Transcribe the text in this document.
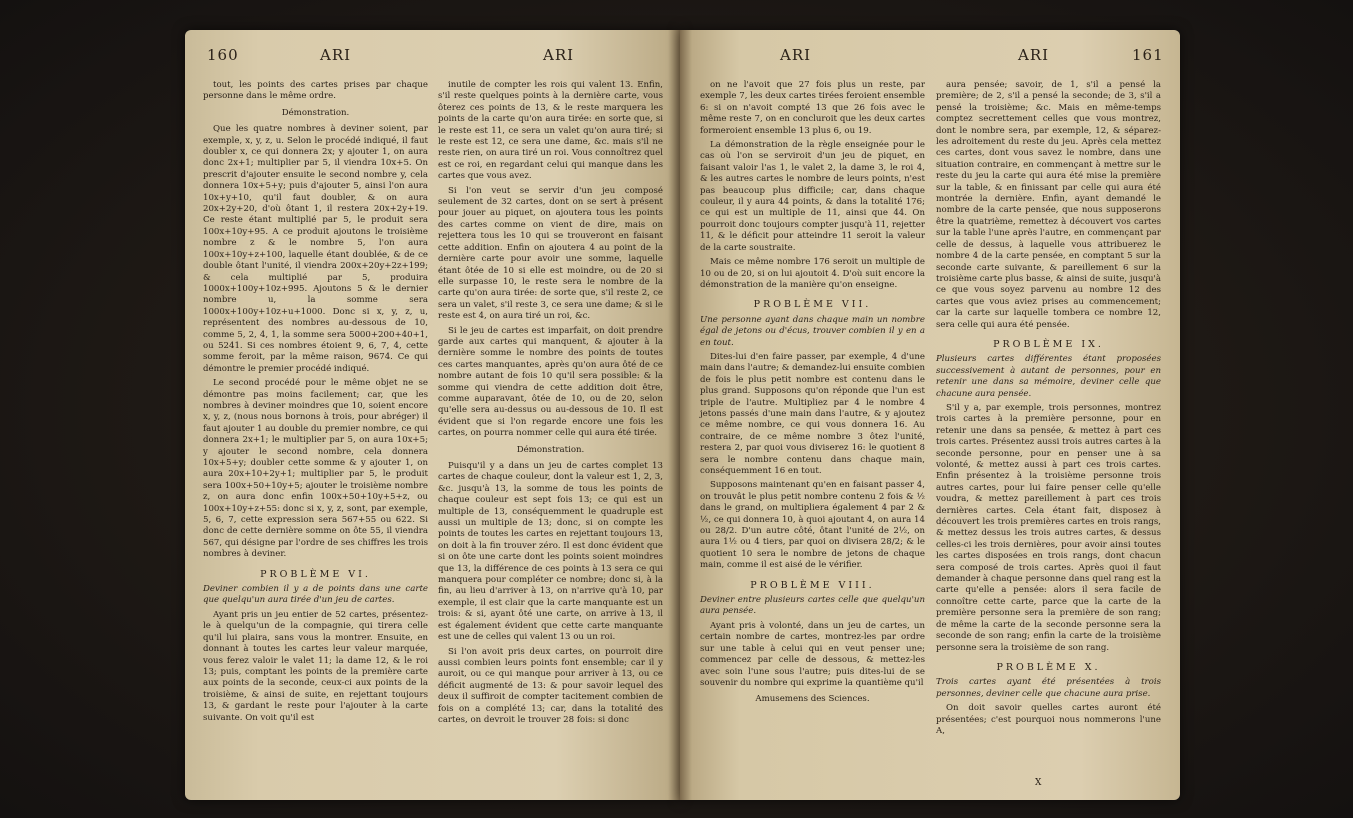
160	ARI	ARI

tout, les points des cartes prises par chaque personne dans le même ordre.

Démonstration.

Que les quatre nombres à deviner soient, par exemple, x, y, z, u. Selon le procédé indiqué, il faut doubler x, ce qui donnera 2x; y ajouter 1, on aura donc 2x+1; multiplier par 5, il viendra 10x+5. On prescrit d'ajouter ensuite le second nombre y, cela donnera 10x+5+y; puis d'ajouter 5, ainsi l'on aura 10x+y+10, qu'il faut doubler, & on aura 20x+2y+20, d'où ôtant 1, il restera 20x+2y+19. Ce reste étant multiplié par 5, le produit sera 100x+10y+95. A ce produit ajoutons le troisième nombre z & le nombre 5, l'on aura 100x+10y+z+100, laquelle étant doublée, & de ce double ôtant l'unité, il viendra 200x+20y+2z+199; & cela multiplié par 5, produira 1000x+100y+10z+995. Ajoutons 5 & le dernier nombre u, la somme sera 1000x+100y+10z+u+1000. Donc si x, y, z, u, représentent des nombres au-dessous de 10, comme 5, 2, 4, 1, la somme sera 5000+200+40+1, ou 5241. Si ces nombres étoient 9, 6, 7, 4, cette somme feroit, par la même raison, 9674. Ce qui démontre le premier procédé indiqué.

Le second procédé pour le même objet ne se démontre pas moins facilement; car, que les nombres à deviner moindres que 10, soient encore x, y, z, (nous nous bornons à trois, pour abréger) il faut ajouter 1 au double du premier nombre, ce qui donnera 2x+1; le multiplier par 5, on aura 10x+5; y ajouter le second nombre, cela donnera 10x+5+y; doubler cette somme & y ajouter 1, on aura 20x+10+2y+1; multiplier par 5, le produit sera 100x+50+10y+5; ajouter le troisième nombre z, on aura donc enfin 100x+50+10y+5+z, ou 100x+10y+z+55: donc si x, y, z, sont, par exemple, 5, 6, 7, cette expression sera 567+55 ou 622. Si donc de cette dernière somme on ôte 55, il viendra 567, qui désigne par l'ordre de ses chiffres les trois nombres à deviner.

PROBLÈME VI.

Deviner combien il y a de points dans une carte que quelqu'un aura tirée d'un jeu de cartes.

Ayant pris un jeu entier de 52 cartes, présentez-le à quelqu'un de la compagnie, qui tirera celle qu'il lui plaira, sans vous la montrer. Ensuite, en donnant à toutes les cartes leur valeur marquée, vous ferez valoir le valet 11; la dame 12, & le roi 13; puis, comptant les points de la première carte aux points de la seconde, ceux-ci aux points de la troisième, & ainsi de suite, en rejettant toujours 13, & gardant le reste pour l'ajouter à la carte suivante. On voit qu'il est

inutile de compter les rois qui valent 13. Enfin, s'il reste quelques points à la dernière carte, vous ôterez ces points de 13, & le reste marquera les points de la carte qu'on aura tirée: en sorte que, si le reste est 11, ce sera un valet qu'on aura tiré; si le reste est 12, ce sera une dame, &c. mais s'il ne reste rien, on aura tiré un roi. Vous connoîtrez quel est ce roi, en regardant celui qui manque dans les cartes que vous avez.

Si l'on veut se servir d'un jeu composé seulement de 32 cartes, dont on se sert à présent pour jouer au piquet, on ajoutera tous les points des cartes comme on vient de dire, mais on rejettera tous les 10 qui se trouveront en faisant cette addition. Enfin on ajoutera 4 au point de la dernière carte pour avoir une somme, laquelle étant ôtée de 10 si elle est moindre, ou de 20 si elle surpasse 10, le reste sera le nombre de la carte qu'on aura tirée: de sorte que, s'il reste 2, ce sera un valet, s'il reste 3, ce sera une dame; & si le reste est 4, on aura tiré un roi, &c.

Si le jeu de cartes est imparfait, on doit prendre garde aux cartes qui manquent, & ajouter à la dernière somme le nombre des points de toutes ces cartes manquantes, après qu'on aura ôté de ce nombre autant de fois 10 qu'il sera possible: & la somme qui viendra de cette addition doit être, comme auparavant, ôtée de 10, ou de 20, selon qu'elle sera au-dessus ou au-dessous de 10. Il est évident que si l'on regarde encore une fois les cartes, on pourra nommer celle qui aura été tirée.

Démonstration.

Puisqu'il y a dans un jeu de cartes complet 13 cartes de chaque couleur, dont la valeur est 1, 2, 3, &c. jusqu'à 13, la somme de tous les points de chaque couleur est sept fois 13; ce qui est un multiple de 13, conséquemment le quadruple est aussi un multiple de 13; donc, si on compte les points de toutes les cartes en rejettant toujours 13, on doit à la fin trouver zéro. Il est donc évident que si on ôte une carte dont les points soient moindres que 13, la différence de ces points à 13 sera ce qui manquera pour compléter ce nombre; donc si, à la fin, au lieu d'arriver à 13, on n'arrive qu'à 10, par exemple, il est clair que la carte manquante est un trois: & si, ayant ôté une carte, on arrive à 13, il est également évident que cette carte manquante est une de celles qui valent 13 ou un roi.

Si l'on avoit pris deux cartes, on pourroit dire aussi combien leurs points font ensemble; car il y auroit, ou ce qui manque pour arriver à 13, ou ce déficit augmenté de 13: & pour savoir lequel des deux il suffiroit de compter tacitement combien de fois on a complété 13; car, dans la totalité des cartes, on devroit le trouver 28 fois: si donc

ARI	ARI	161

on ne l'avoit que 27 fois plus un reste, par exemple 7, les deux cartes tirées feroient ensemble 6: si on n'avoit compté 13 que 26 fois avec le même reste 7, on en concluroit que les deux cartes formeroient ensemble 13 plus 6, ou 19.

La démonstration de la règle enseignée pour le cas où l'on se serviroit d'un jeu de piquet, en faisant valoir l'as 1, le valet 2, la dame 3, le roi 4, & les autres cartes le nombre de leurs points, n'est pas beaucoup plus difficile; car, dans chaque couleur, il y aura 44 points, & dans la totalité 176; ce qui est un multiple de 11, ainsi que 44. On pourroit donc toujours compter jusqu'à 11, rejetter 11, & le déficit pour atteindre 11 seroit la valeur de la carte soustraite.

Mais ce même nombre 176 seroit un multiple de 10 ou de 20, si on lui ajoutoit 4. D'où suit encore la démonstration de la manière qu'on enseigne.

PROBLÈME VII.

Une personne ayant dans chaque main un nombre égal de jetons ou d'écus, trouver combien il y en a en tout.

Dites-lui d'en faire passer, par exemple, 4 d'une main dans l'autre; & demandez-lui ensuite combien de fois le plus petit nombre est contenu dans le plus grand. Supposons qu'on réponde que l'un est triple de l'autre. Multipliez par 4 le nombre 4 jetons passés d'une main dans l'autre, & y ajoutez ce même nombre, ce qui vous donnera 16. Au contraire, de ce même nombre 3 ôtez l'unité, restera 2, par quoi vous diviserez 16: le quotient 8 sera le nombre contenu dans chaque main, conséquemment 16 en tout.

Supposons maintenant qu'en en faisant passer 4, on trouvât le plus petit nombre contenu 2 fois & ½ dans le grand, on multipliera également 4 par 2 & ½, ce qui donnera 10, à quoi ajoutant 4, on aura 14 ou 28/2. D'un autre côté, ôtant l'unité de 2½, on aura 1½ ou 4 tiers, par quoi on divisera 28/2; & le quotient 10 sera le nombre de jetons de chaque main, comme il est aisé de le vérifier.

PROBLÈME VIII.

Deviner entre plusieurs cartes celle que quelqu'un aura pensée.

Ayant pris à volonté, dans un jeu de cartes, un certain nombre de cartes, montrez-les par ordre sur une table à celui qui en veut penser une; commencez par celle de dessous, & mettez-les avec soin l'une sous l'autre; puis dites-lui de se souvenir du nombre qui exprime la quantième qu'il

Amusemens des Sciences.

aura pensée; savoir, de 1, s'il a pensé la première; de 2, s'il a pensé la seconde; de 3, s'il a pensé la troisième; &c. Mais en même-temps comptez secrettement celles que vous montrez, dont le nombre sera, par exemple, 12, & séparez-les adroitement du reste du jeu. Après cela mettez ces cartes, dont vous savez le nombre, dans une situation contraire, en commençant à mettre sur le reste du jeu la carte qui aura été mise la première sur la table, & en finissant par celle qui aura été montrée la dernière. Enfin, ayant demandé le nombre de la carte pensée, que nous supposerons être la quatrième, remettez à découvert vos cartes sur la table l'une après l'autre, en commençant par celle de dessus, à laquelle vous attribuerez le nombre 4 de la carte pensée, en comptant 5 sur la seconde carte suivante, & pareillement 6 sur la troisième carte plus basse, & ainsi de suite, jusqu'à ce que vous soyez parvenu au nombre 12 des cartes que vous aviez prises au commencement; car la carte sur laquelle tombera ce nombre 12, sera celle qui aura été pensée.

PROBLÈME IX.

Plusieurs cartes différentes étant proposées successivement à autant de personnes, pour en retenir une dans sa mémoire, deviner celle que chacune aura pensée.

S'il y a, par exemple, trois personnes, montrez trois cartes à la première personne, pour en retenir une dans sa pensée, & mettez à part ces trois cartes. Présentez aussi trois autres cartes à la seconde personne, pour en penser une à sa volonté, & mettez aussi à part ces trois cartes. Enfin présentez à la troisième personne trois autres cartes, pour lui faire penser celle qu'elle voudra, & mettez pareillement à part ces trois dernières cartes. Cela étant fait, disposez à découvert les trois premières cartes en trois rangs, & mettez dessus les trois autres cartes, & dessus celles-ci les trois dernières, pour avoir ainsi toutes les cartes disposées en trois rangs, dont chacun sera composé de trois cartes. Après quoi il faut demander à chaque personne dans quel rang est la carte qu'elle a pensée: alors il sera facile de connoître cette carte, parce que la carte de la première personne sera la première de son rang; de même la carte de la seconde personne sera la seconde de son rang; enfin la carte de la troisième personne sera la troisième de son rang.

PROBLÈME X.

Trois cartes ayant été présentées à trois personnes, deviner celle que chacune aura prise.

On doit savoir quelles cartes auront été présentées; c'est pourquoi nous nommerons l'une A,

X
